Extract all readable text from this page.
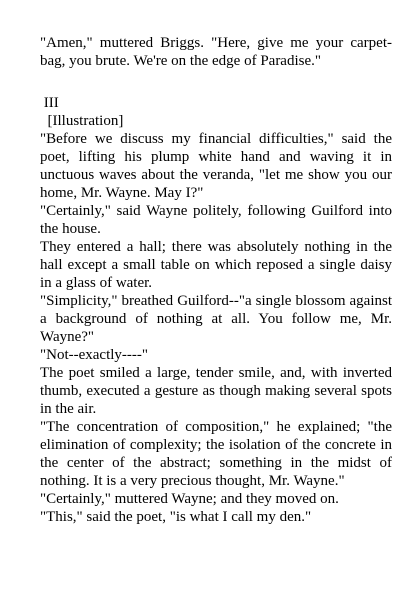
"Amen," muttered Briggs. "Here, give me your carpet-bag, you brute. We're on the edge of Paradise."

III

[Illustration]

"Before we discuss my financial difficulties," said the poet, lifting his plump white hand and waving it in unctuous waves about the veranda, "let me show you our home, Mr. Wayne. May I?"

"Certainly," said Wayne politely, following Guilford into the house.

They entered a hall; there was absolutely nothing in the hall except a small table on which reposed a single daisy in a glass of water.

"Simplicity," breathed Guilford--"a single blossom against a background of nothing at all. You follow me, Mr. Wayne?"

"Not--exactly----"

The poet smiled a large, tender smile, and, with inverted thumb, executed a gesture as though making several spots in the air.

"The concentration of composition," he explained; "the elimination of complexity; the isolation of the concrete in the center of the abstract; something in the midst of nothing. It is a very precious thought, Mr. Wayne."

"Certainly," muttered Wayne; and they moved on.

"This," said the poet, "is what I call my den."
